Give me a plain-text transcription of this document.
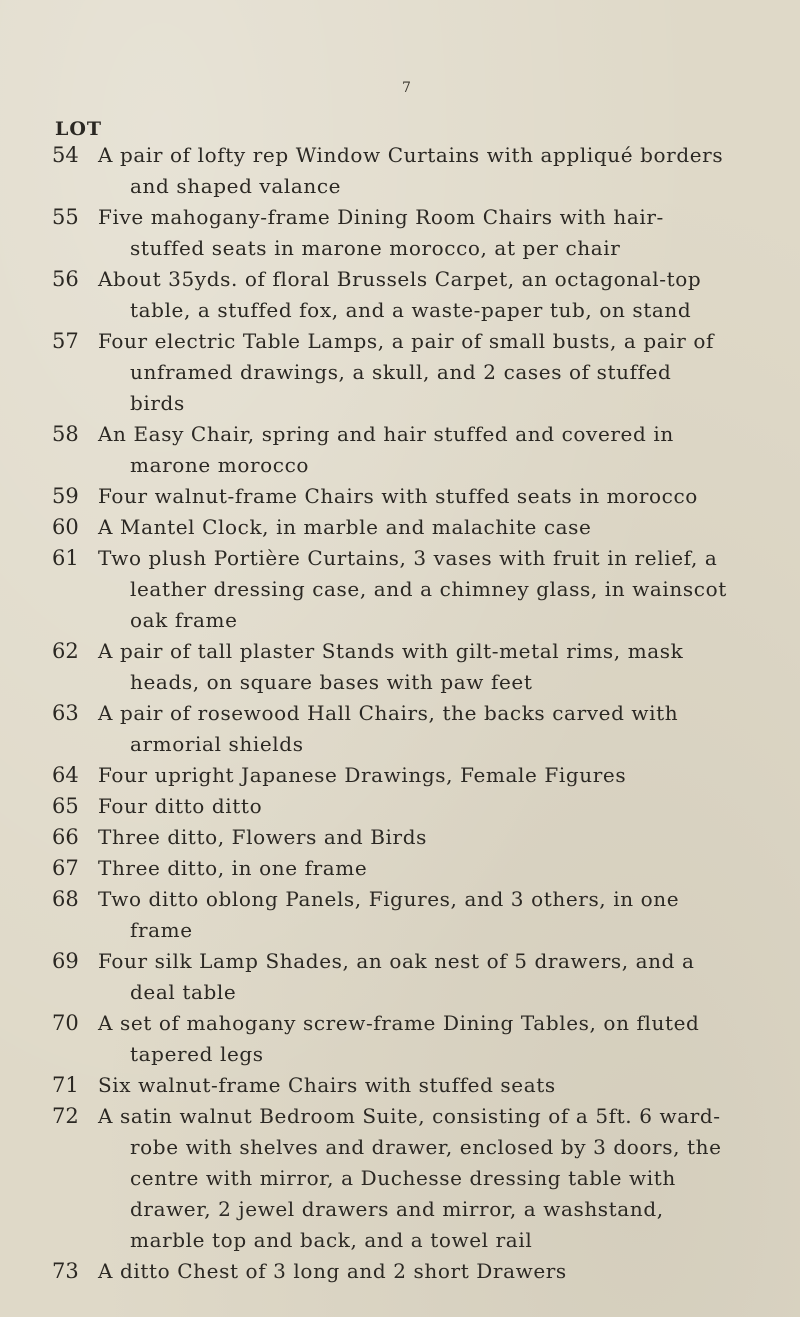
7
LOT
54 A pair of lofty rep Window Curtains with appliqué borders
and shaped valance
55 Five mahogany-frame Dining Room Chairs with hair-
stuffed seats in marone morocco, at per chair
56 About 35yds. of floral Brussels Carpet, an octagonal-top
table, a stuffed fox, and a waste-paper tub, on stand
57 Four electric Table Lamps, a pair of small busts, a pair of
unframed drawings, a skull, and 2 cases of stuffed
birds
58 An Easy Chair, spring and hair stuffed and covered in
marone morocco
59 Four walnut-frame Chairs with stuffed seats in morocco
60 A Mantel Clock, in marble and malachite case
61 Two plush Portière Curtains, 3 vases with fruit in relief, a
leather dressing case, and a chimney glass, in wainscot
oak frame
62 A pair of tall plaster Stands with gilt-metal rims, mask
heads, on square bases with paw feet
63 A pair of rosewood Hall Chairs, the backs carved with
armorial shields
64 Four upright Japanese Drawings, Female Figures
65 Four ditto ditto
66 Three ditto, Flowers and Birds
67 Three ditto, in one frame
68 Two ditto oblong Panels, Figures, and 3 others, in one
frame
69 Four silk Lamp Shades, an oak nest of 5 drawers, and a
deal table
70 A set of mahogany screw-frame Dining Tables, on fluted
tapered legs
71 Six walnut-frame Chairs with stuffed seats
72 A satin walnut Bedroom Suite, consisting of a 5ft. 6 ward-
robe with shelves and drawer, enclosed by 3 doors, the
centre with mirror, a Duchesse dressing table with
drawer, 2 jewel drawers and mirror, a washstand,
marble top and back, and a towel rail
73 A ditto Chest of 3 long and 2 short Drawers
